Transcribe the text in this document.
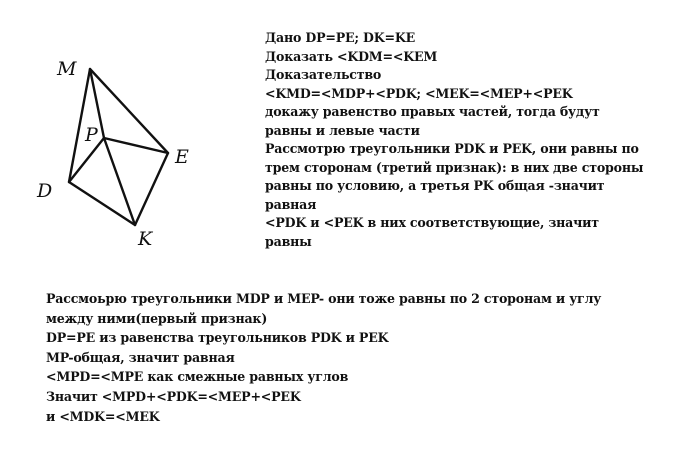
M
P
E
D
K
Дано DP=PE; DK=KE
Доказать <KDM=<KEM
Доказательство
<KMD=<MDP+<PDK; <MEK=<MEP+<PEK
докажу равенство правых частей, тогда будут
равны и левые части
Рассмотрю треугольники PDK и PEK, они равны по
трем сторонам (третий признак): в них две стороны
равны по условию, а третья PK общая -значит
равная
<PDK и <PEK в них соответствующие, значит
равны
Рассмоьрю треугольники MDP и MEP- они тоже равны по 2 сторонам и углу
между ними(первый признак)
DP=PE из равенства треугольников PDK и PEK
MP-общая, значит равная
<MPD=<MPE как смежные равных углов
Значит <MPD+<PDK=<MEP+<PEK
и <MDK=<MEK
